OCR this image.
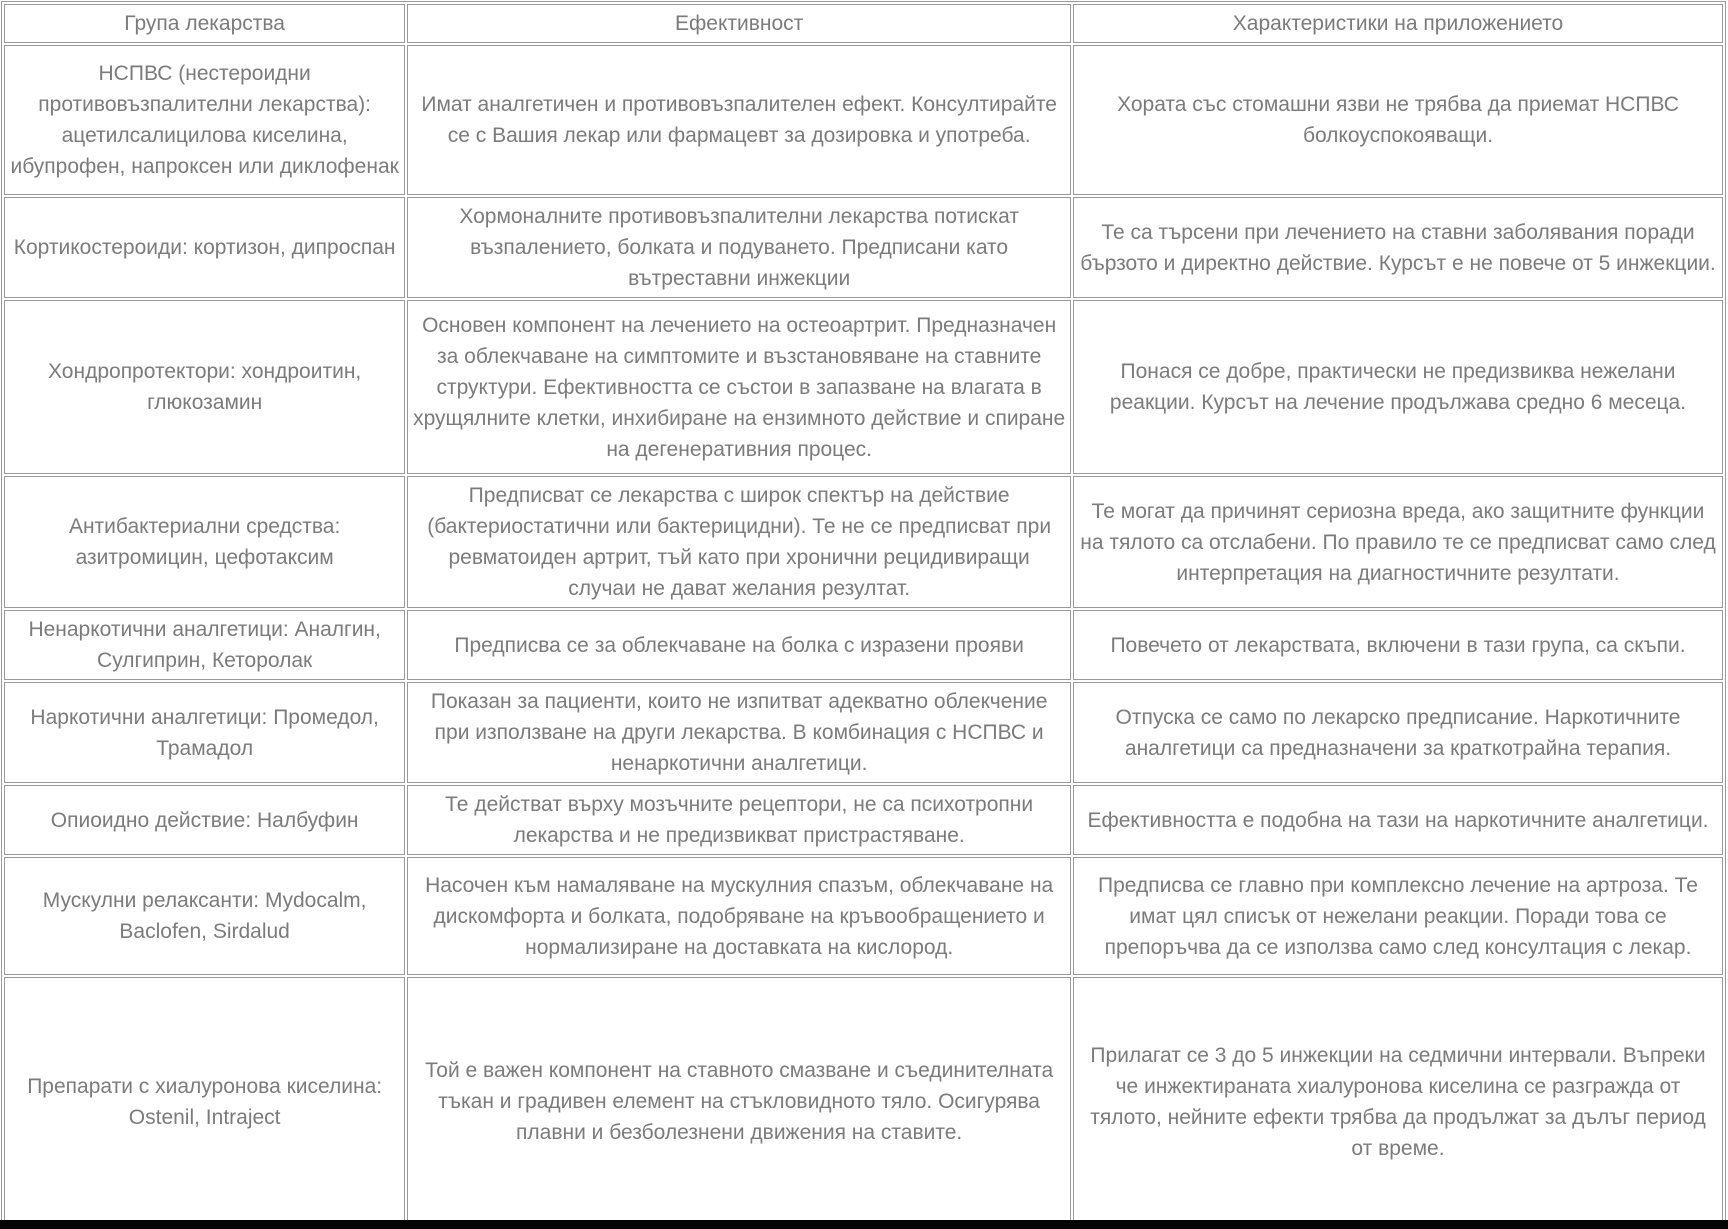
Група лекарства	Ефективност	Характеристики на приложението
НСПВС (нестероидни противовъзпалителни лекарства): ацетилсалицилова киселина, ибупрофен, напроксен или диклофенак	Имат аналгетичен и противовъзпалителен ефект. Консултирайте се с Вашия лекар или фармацевт за дозировка и употреба.	Хората със стомашни язви не трябва да приемат НСПВС болкоуспокояващи.
Кортикостероиди: кортизон, дипроспан	Хормоналните противовъзпалителни лекарства потискат възпалението, болката и подуването. Предписани като вътреставни инжекции	Те са търсени при лечението на ставни заболявания поради бързото и директно действие. Курсът е не повече от 5 инжекции.
Хондропротектори: хондроитин, глюкозамин	Основен компонент на лечението на остеоартрит. Предназначен за облекчаване на симптомите и възстановяване на ставните структури. Ефективността се състои в запазване на влагата в хрущялните клетки, инхибиране на ензимното действие и спиране на дегенеративния процес.	Понася се добре, практически не предизвиква нежелани реакции. Курсът на лечение продължава средно 6 месеца.
Антибактериални средства: азитромицин, цефотаксим	Предписват се лекарства с широк спектър на действие (бактериостатични или бактерицидни). Те не се предписват при ревматоиден артрит, тъй като при хронични рецидивиращи случаи не дават желания резултат.	Те могат да причинят сериозна вреда, ако защитните функции на тялото са отслабени. По правило те се предписват само след интерпретация на диагностичните резултати.
Ненаркотични аналгетици: Аналгин, Сулгиприн, Кеторолак	Предписва се за облекчаване на болка с изразени прояви	Повечето от лекарствата, включени в тази група, са скъпи.
Наркотични аналгетици: Промедол, Трамадол	Показан за пациенти, които не изпитват адекватно облекчение при използване на други лекарства. В комбинация с НСПВС и ненаркотични аналгетици.	Отпуска се само по лекарско предписание. Наркотичните аналгетици са предназначени за краткотрайна терапия.
Опиоидно действие: Налбуфин	Те действат върху мозъчните рецептори, не са психотропни лекарства и не предизвикват пристрастяване.	Ефективността е подобна на тази на наркотичните аналгетици.
Мускулни релаксанти: Mydocalm, Baclofen, Sirdalud	Насочен към намаляване на мускулния спазъм, облекчаване на дискомфорта и болката, подобряване на кръвообращението и нормализиране на доставката на кислород.	Предписва се главно при комплексно лечение на артроза. Те имат цял списък от нежелани реакции. Поради това се препоръчва да се използва само след консултация с лекар.
Препарати с хиалуронова киселина: Ostenil, Intraject	Той е важен компонент на ставното смазване и съединителната тъкан и градивен елемент на стъкловидното тяло. Осигурява плавни и безболезнени движения на ставите.	Прилагат се 3 до 5 инжекции на седмични интервали. Въпреки че инжектираната хиалуронова киселина се разгражда от тялото, нейните ефекти трябва да продължат за дълъг период от време.
